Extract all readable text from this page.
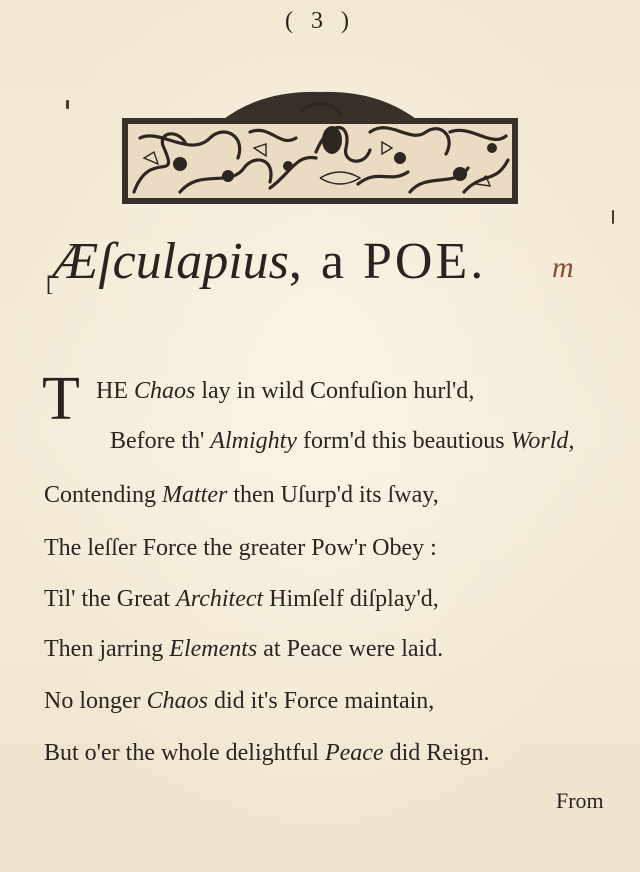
( 3 )
[
Æſculapius, a POE. m
T HE Chaos lay in wild Confuſion hurl'd,
Before th' Almighty form'd this beautious World,
Contending Matter then Uſurp'd its ſway,
The leſſer Force the greater Pow'r Obey :
Til' the Great Architect Himſelf diſplay'd,
Then jarring Elements at Peace were laid.
No longer Chaos did it's Force maintain,
But o'er the whole delightful Peace did Reign.
From
